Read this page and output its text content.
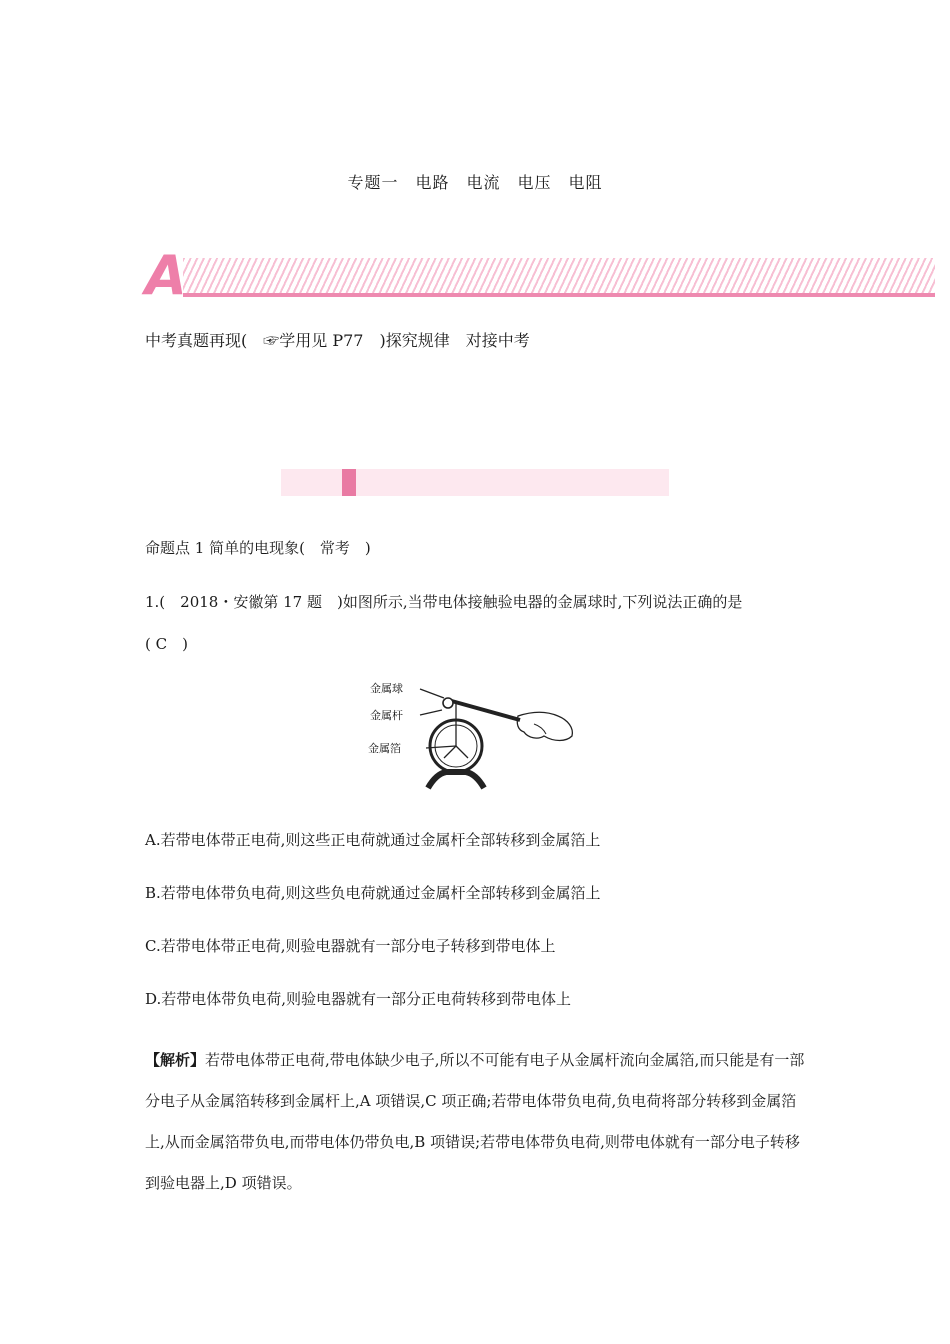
专题一　电路　电流　电压　电阻
A
中考真题再现( ☞学用见 P77 )探究规律 对接中考
命题点 1 简单的电现象(　常考　)
1.(　2018・安徽第 17 题　)如图所示,当带电体接触验电器的金属球时,下列说法正确的是
( C　)
金属球
金属杆
金属箔
A.若带电体带正电荷,则这些正电荷就通过金属杆全部转移到金属箔上
B.若带电体带负电荷,则这些负电荷就通过金属杆全部转移到金属箔上
C.若带电体带正电荷,则验电器就有一部分电子转移到带电体上
D.若带电体带负电荷,则验电器就有一部分正电荷转移到带电体上
【解析】若带电体带正电荷,带电体缺少电子,所以不可能有电子从金属杆流向金属箔,而只能是有一部分电子从金属箔转移到金属杆上,A 项错误,C 项正确;若带电体带负电荷,负电荷将部分转移到金属箔上,从而金属箔带负电,而带电体仍带负电,B 项错误;若带电体带负电荷,则带电体就有一部分电子转移到验电器上,D 项错误。
